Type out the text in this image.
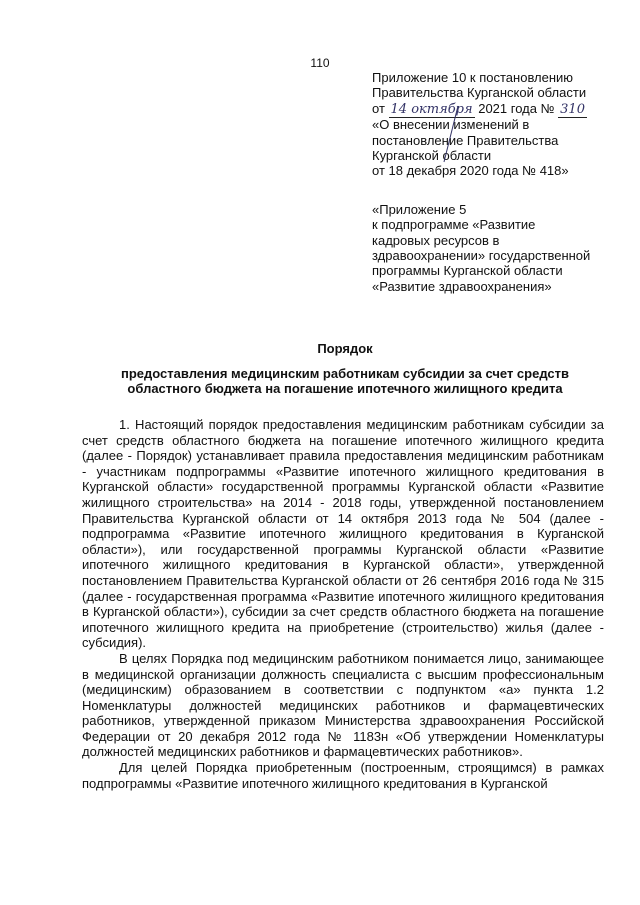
110
Приложение 10 к постановлению
Правительства Курганской области
от 14 октября 2021 года № 310
«О внесении изменений в
постановление Правительства
Курганской области
от 18 декабря 2020 года № 418»
«Приложение 5
к подпрограмме «Развитие
кадровых ресурсов в
здравоохранении» государственной
программы Курганской области
«Развитие здравоохранения»
Порядок
предоставления медицинским работникам субсидии за счет средств
областного бюджета на погашение ипотечного жилищного кредита

1. Настоящий порядок предоставления медицинским работникам субсидии за счет средств областного бюджета на погашение ипотечного жилищного кредита (далее - Порядок) устанавливает правила предоставления медицинским работникам - участникам подпрограммы «Развитие ипотечного жилищного кредитования в Курганской области» государственной программы Курганской области «Развитие жилищного строительства» на 2014 - 2018 годы, утвержденной постановлением Правительства Курганской области от 14 октября 2013 года № 504 (далее - подпрограмма «Развитие ипотечного жилищного кредитования в Курганской области»), или государственной программы Курганской области «Развитие ипотечного жилищного кредитования в Курганской области», утвержденной постановлением Правительства Курганской области от 26 сентября 2016 года № 315 (далее - государственная программа «Развитие ипотечного жилищного кредитования в Курганской области»), субсидии за счет средств областного бюджета на погашение ипотечного жилищного кредита на приобретение (строительство) жилья (далее - субсидия).

В целях Порядка под медицинским работником понимается лицо, занимающее в медицинской организации должность специалиста с высшим профессиональным (медицинским) образованием в соответствии с подпунктом «а» пункта 1.2 Номенклатуры должностей медицинских работников и фармацевтических работников, утвержденной приказом Министерства здравоохранения Российской Федерации от 20 декабря 2012 года № 1183н «Об утверждении Номенклатуры должностей медицинских работников и фармацевтических работников».

Для целей Порядка приобретенным (построенным, строящимся) в рамках подпрограммы «Развитие ипотечного жилищного кредитования в Курганской
